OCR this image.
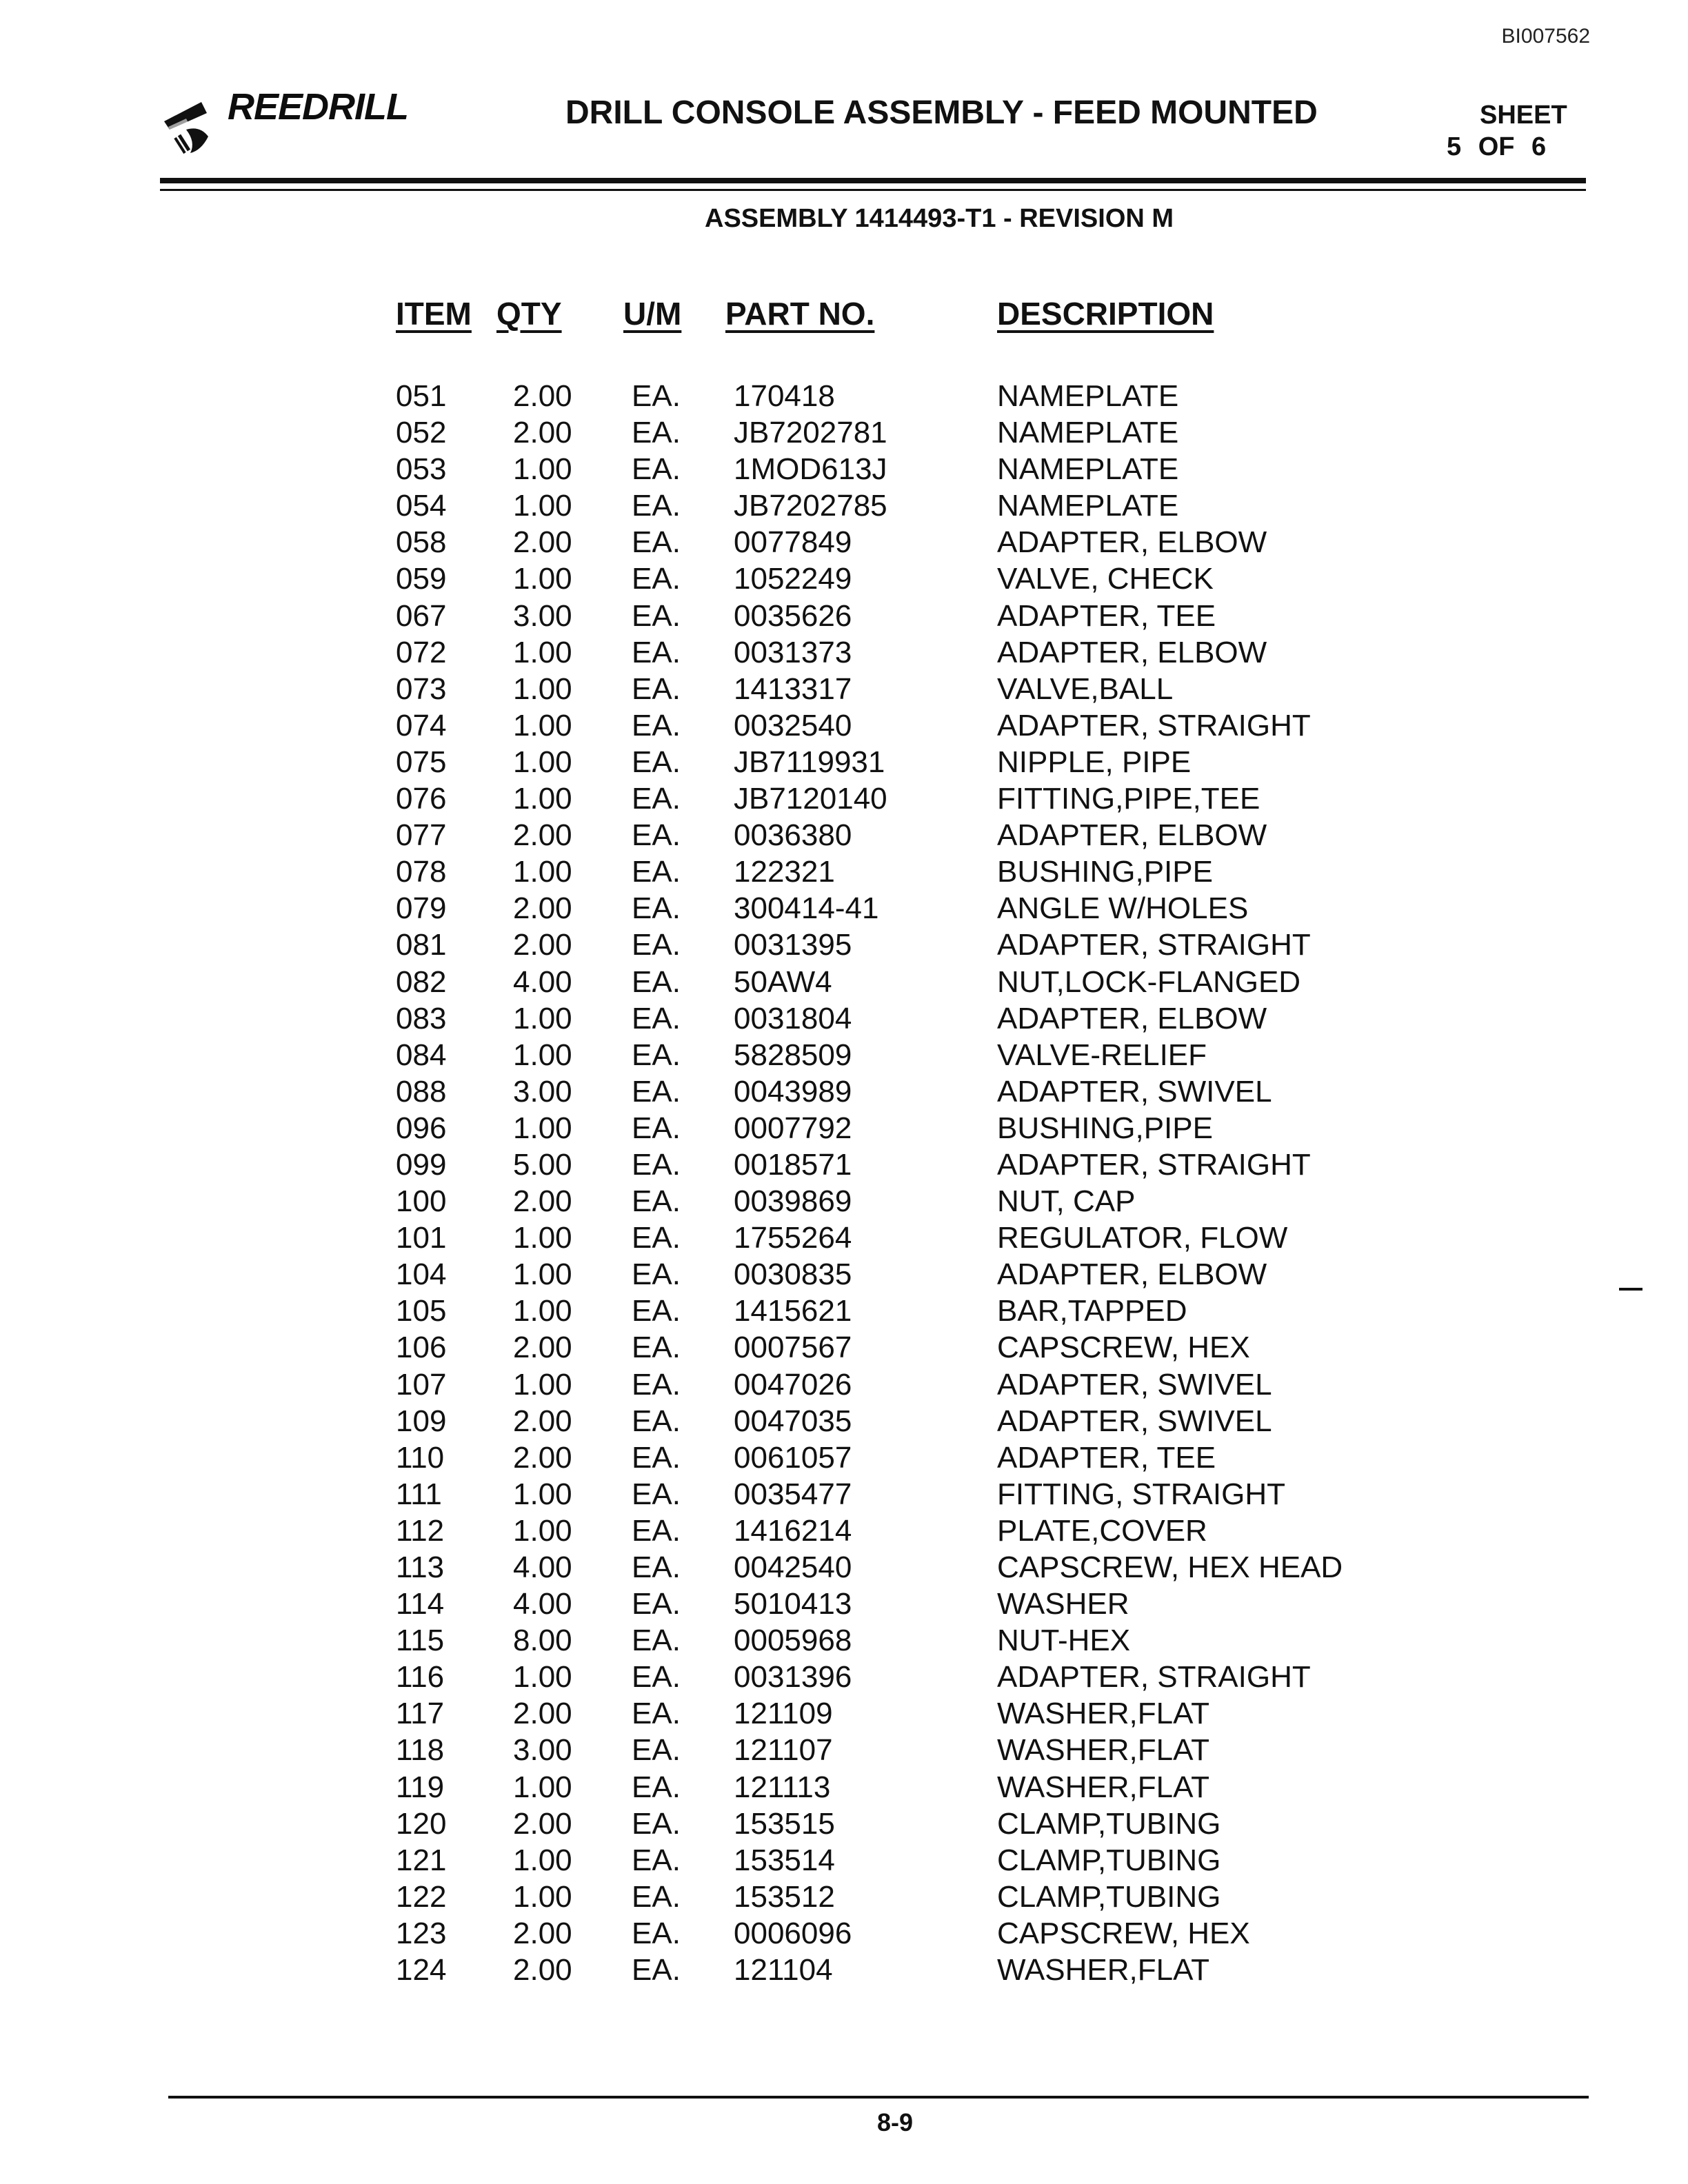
BI007562
REEDRILL	DRILL CONSOLE ASSEMBLY - FEED MOUNTED	SHEET
5 OF 6
ASSEMBLY 1414493-T1 - REVISION M
ITEM QTY U/M PART NO.	DESCRIPTION
051 2.00 EA. 170418	NAMEPLATE
052 2.00 EA. JB7202781	NAMEPLATE
053 1.00 EA. 1MOD613J	NAMEPLATE
054 1.00 EA. JB7202785	NAMEPLATE
058 2.00 EA. 0077849	ADAPTER, ELBOW
059 1.00 EA. 1052249	VALVE, CHECK
067 3.00 EA. 0035626	ADAPTER, TEE
072 1.00 EA. 0031373	ADAPTER, ELBOW
073 1.00 EA. 1413317	VALVE,BALL
074 1.00 EA. 0032540	ADAPTER, STRAIGHT
075 1.00 EA. JB7119931	NIPPLE, PIPE
076 1.00 EA. JB7120140	FITTING,PIPE,TEE
077 2.00 EA. 0036380	ADAPTER, ELBOW
078 1.00 EA. 122321	BUSHING,PIPE
079 2.00 EA. 300414-41	ANGLE W/HOLES
081 2.00 EA. 0031395	ADAPTER, STRAIGHT
082 4.00 EA. 50AW4	NUT,LOCK-FLANGED
083 1.00 EA. 0031804	ADAPTER, ELBOW
084 1.00 EA. 5828509	VALVE-RELIEF
088 3.00 EA. 0043989	ADAPTER, SWIVEL
096 1.00 EA. 0007792	BUSHING,PIPE
099 5.00 EA. 0018571	ADAPTER, STRAIGHT
100 2.00 EA. 0039869	NUT, CAP
101 1.00 EA. 1755264	REGULATOR, FLOW
104 1.00 EA. 0030835	ADAPTER, ELBOW
105 1.00 EA. 1415621	BAR,TAPPED
106 2.00 EA. 0007567	CAPSCREW, HEX
107 1.00 EA. 0047026	ADAPTER, SWIVEL
109 2.00 EA. 0047035	ADAPTER, SWIVEL
110 2.00 EA. 0061057	ADAPTER, TEE
111 1.00 EA. 0035477	FITTING, STRAIGHT
112 1.00 EA. 1416214	PLATE,COVER
113 4.00 EA. 0042540	CAPSCREW, HEX HEAD
114 4.00 EA. 5010413	WASHER
115 8.00 EA. 0005968	NUT-HEX
116 1.00 EA. 0031396	ADAPTER, STRAIGHT
117 2.00 EA. 121109	WASHER,FLAT
118 3.00 EA. 121107	WASHER,FLAT
119 1.00 EA. 121113	WASHER,FLAT
120 2.00 EA. 153515	CLAMP,TUBING
121 1.00 EA. 153514	CLAMP,TUBING
122 1.00 EA. 153512	CLAMP,TUBING
123 2.00 EA. 0006096	CAPSCREW, HEX
124 2.00 EA. 121104	WASHER,FLAT
8-9
